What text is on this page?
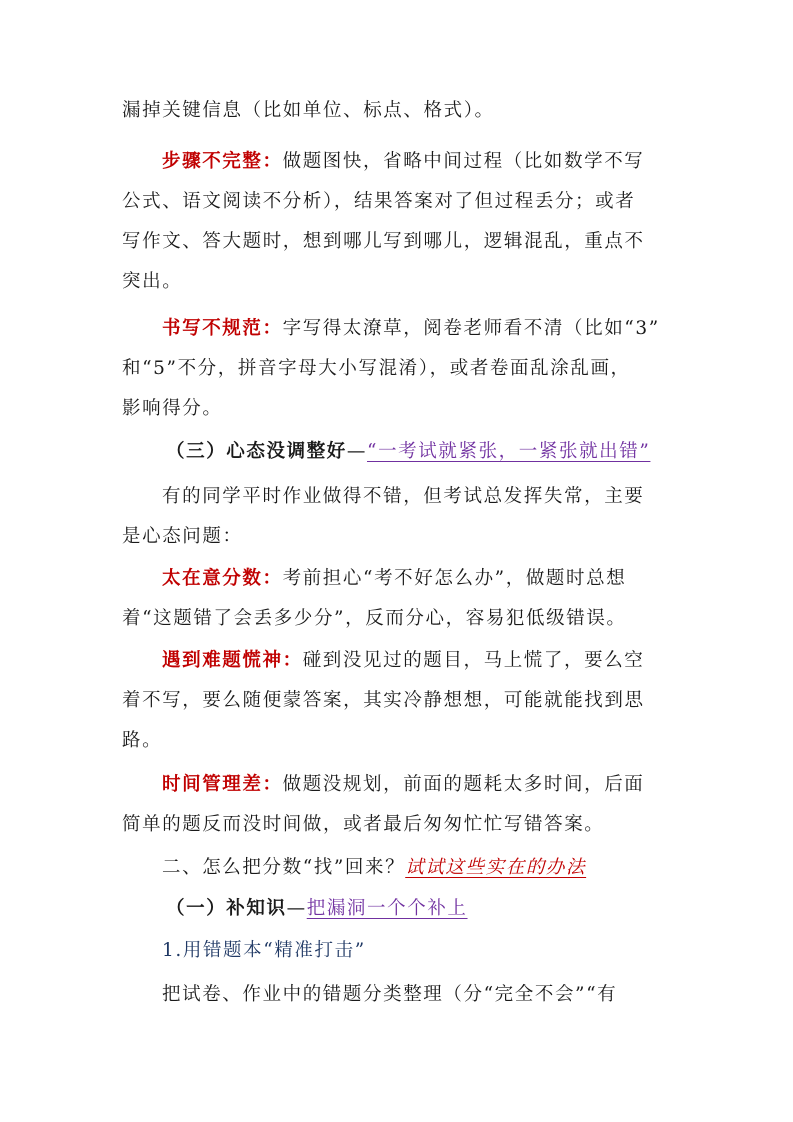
漏掉关键信息（比如单位、标点、格式）。

步骤不完整：做题图快，省略中间过程（比如数学不写

公式、语文阅读不分析），结果答案对了但过程丢分；或者

写作文、答大题时，想到哪儿写到哪儿，逻辑混乱，重点不

突出。

书写不规范：字写得太潦草，阅卷老师看不清（比如“3”

和“5”不分，拼音字母大小写混淆），或者卷面乱涂乱画，

影响得分。

（三）心态没调整好—“一考试就紧张，一紧张就出错”

有的同学平时作业做得不错，但考试总发挥失常，主要

是心态问题：

太在意分数：考前担心“考不好怎么办”，做题时总想

着“这题错了会丢多少分”，反而分心，容易犯低级错误。

遇到难题慌神：碰到没见过的题目，马上慌了，要么空

着不写，要么随便蒙答案，其实冷静想想，可能就能找到思

路。

时间管理差：做题没规划，前面的题耗太多时间，后面

简单的题反而没时间做，或者最后匆匆忙忙写错答案。

二、怎么把分数“找”回来？试试这些实在的办法

（一）补知识—把漏洞一个个补上

1.用错题本“精准打击”

把试卷、作业中的错题分类整理（分“完全不会”“有
